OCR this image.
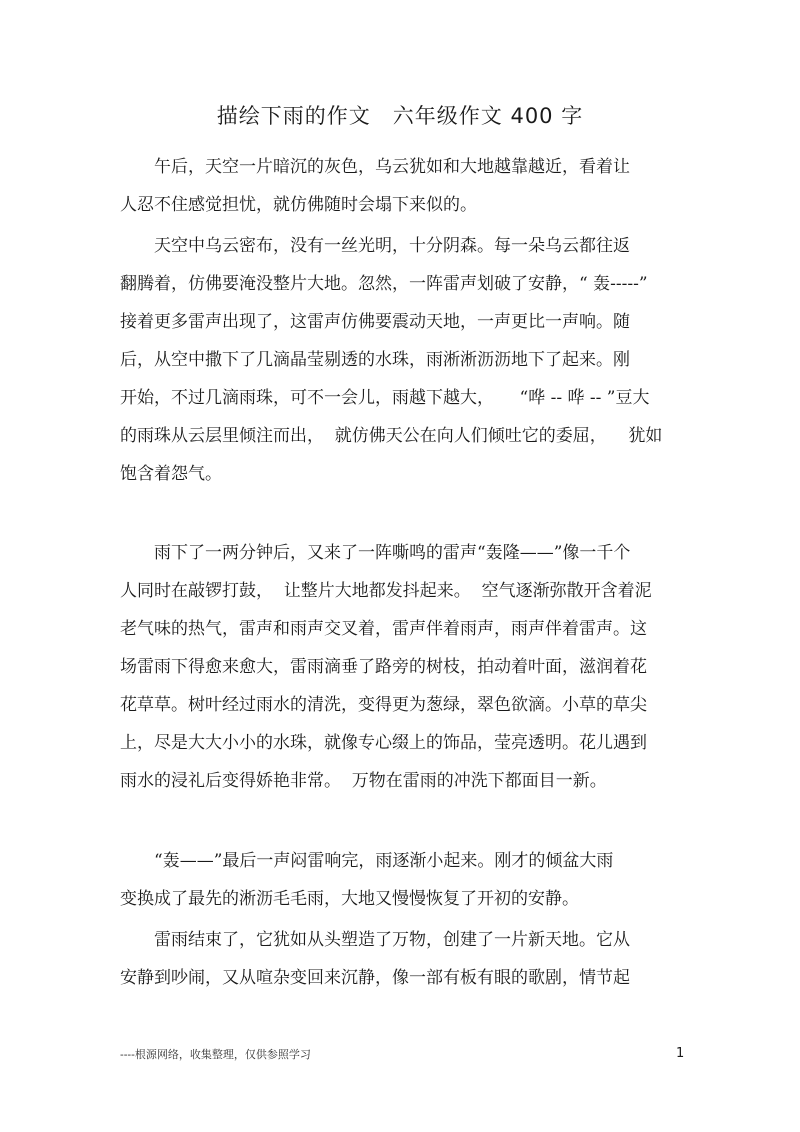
描绘下雨的作文　六年级作文 400 字
　　午后，天空一片暗沉的灰色，乌云犹如和大地越靠越近，看着让
人忍不住感觉担忧，就仿佛随时会塌下来似的。
　　天空中乌云密布，没有一丝光明，十分阴森。每一朵乌云都往返
翻腾着，仿佛要淹没整片大地。忽然，一阵雷声划破了安静，“ 轰-----”
接着更多雷声出现了，这雷声仿佛要震动天地，一声更比一声响。随
后，从空中撒下了几滴晶莹剔透的水珠，雨淅淅沥沥地下了起来。刚
开始，不过几滴雨珠，可不一会儿，雨越下越大，　　“哗 -- 哗 -- ”豆大
的雨珠从云层里倾注而出，  就仿佛天公在向人们倾吐它的委屈，    犹如
饱含着怨气。
　　雨下了一两分钟后，又来了一阵嘶鸣的雷声“轰隆——”像一千个
人同时在敲锣打鼓，  让整片大地都发抖起来。  空气逐渐弥散开含着泥
老气味的热气，雷声和雨声交叉着，雷声伴着雨声，雨声伴着雷声。这
场雷雨下得愈来愈大，雷雨滴垂了路旁的树枝，拍动着叶面，滋润着花
花草草。树叶经过雨水的清洗，变得更为葱绿，翠色欲滴。小草的草尖
上，尽是大大小小的水珠，就像专心缀上的饰品，莹亮透明。花儿遇到
雨水的浸礼后变得娇艳非常。  万物在雷雨的冲洗下都面目一新。
　　“轰——”最后一声闷雷响完，雨逐渐小起来。刚才的倾盆大雨
变换成了最先的淅沥毛毛雨，大地又慢慢恢复了开初的安静。
　　雷雨结束了，它犹如从头塑造了万物，创建了一片新天地。它从
安静到吵闹，又从喧杂变回来沉静，像一部有板有眼的歌剧，情节起
----根源网络，收集整理，仅供参照学习	1
